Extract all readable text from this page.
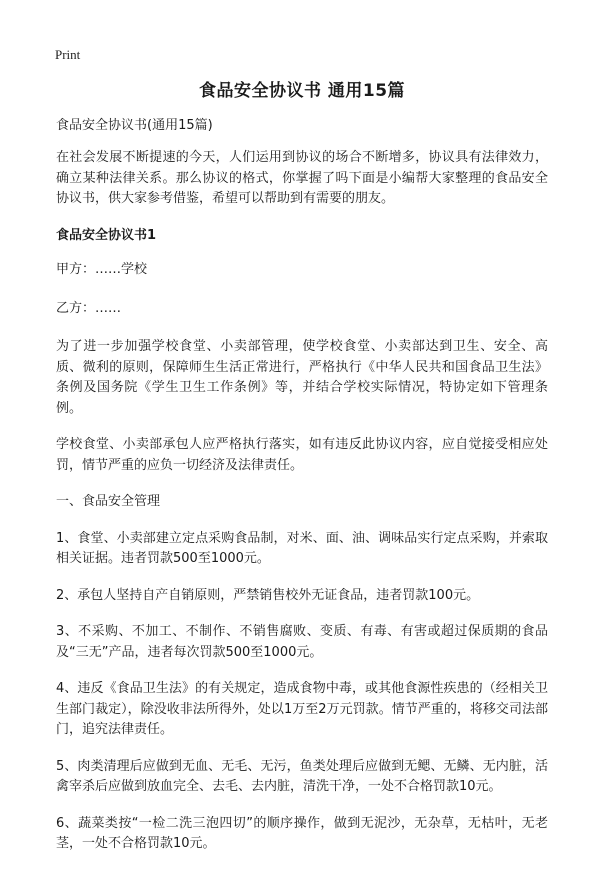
Print
食品安全协议书 通用15篇
食品安全协议书(通用15篇)

在社会发展不断提速的今天，人们运用到协议的场合不断增多，协议具有法律效力，确立某种法律关系。那么协议的格式，你掌握了吗下面是小编帮大家整理的食品安全协议书，供大家参考借鉴，希望可以帮助到有需要的朋友。

食品安全协议书1

甲方：……学校

乙方：……

为了进一步加强学校食堂、小卖部管理，使学校食堂、小卖部达到卫生、安全、高质、微利的原则，保障师生生活正常进行，严格执行《中华人民共和国食品卫生法》条例及国务院《学生卫生工作条例》等，并结合学校实际情况，特协定如下管理条例。

学校食堂、小卖部承包人应严格执行落实，如有违反此协议内容，应自觉接受相应处罚，情节严重的应负一切经济及法律责任。

一、食品安全管理

1、食堂、小卖部建立定点采购食品制，对米、面、油、调味品实行定点采购，并索取相关证据。违者罚款500至1000元。

2、承包人坚持自产自销原则，严禁销售校外无证食品，违者罚款100元。

3、不采购、不加工、不制作、不销售腐败、变质、有毒、有害或超过保质期的食品及“三无”产品，违者每次罚款500至1000元。

4、违反《食品卫生法》的有关规定，造成食物中毒，或其他食源性疾患的（经相关卫生部门裁定），除没收非法所得外，处以1万至2万元罚款。情节严重的，将移交司法部门，追究法律责任。

5、肉类清理后应做到无血、无毛、无污，鱼类处理后应做到无鳃、无鳞、无内脏，活禽宰杀后应做到放血完全、去毛、去内脏，清洗干净，一处不合格罚款10元。

6、蔬菜类按“一检二洗三泡四切”的顺序操作，做到无泥沙，无杂草，无枯叶，无老茎，一处不合格罚款10元。
